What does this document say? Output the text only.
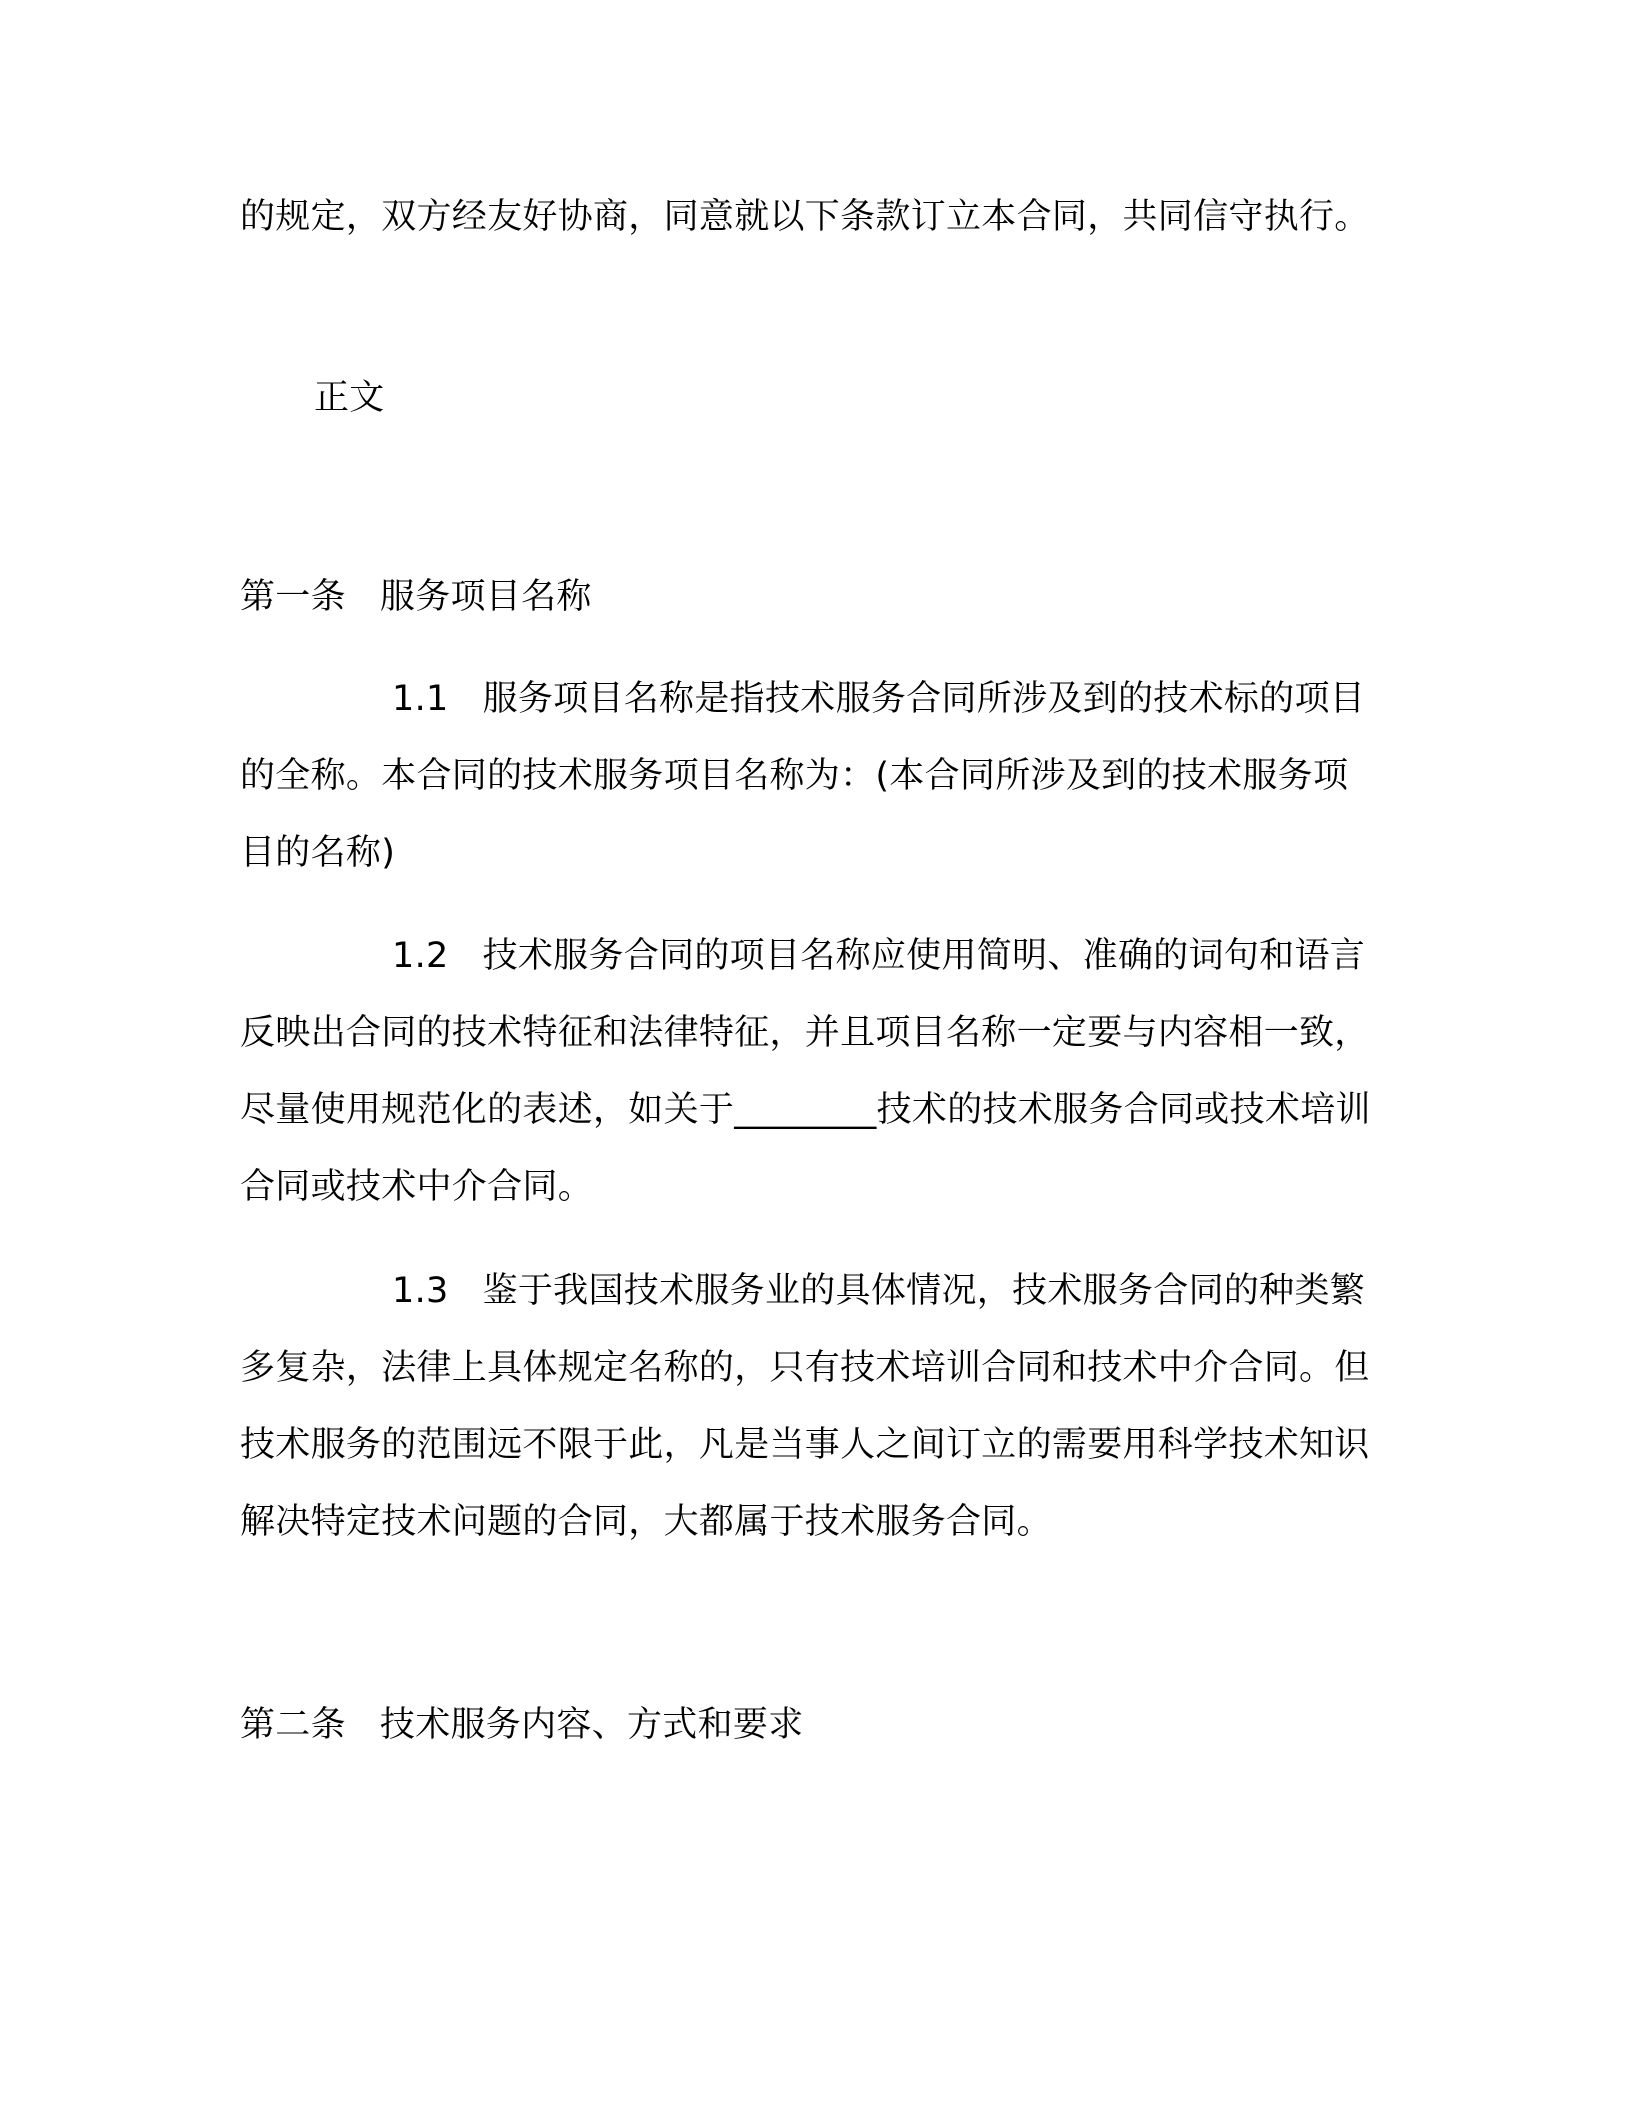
的规定，双方经友好协商，同意就以下条款订立本合同，共同信守执行。

正文

第一条 服务项目名称

1.1 服务项目名称是指技术服务合同所涉及到的技术标的项目的全称。本合同的技术服务项目名称为：(本合同所涉及到的技术服务项目的名称)

1.2 技术服务合同的项目名称应使用简明、准确的词句和语言反映出合同的技术特征和法律特征，并且项目名称一定要与内容相一致，尽量使用规范化的表述，如关于________技术的技术服务合同或技术培训合同或技术中介合同。

1.3 鉴于我国技术服务业的具体情况，技术服务合同的种类繁多复杂，法律上具体规定名称的，只有技术培训合同和技术中介合同。但技术服务的范围远不限于此，凡是当事人之间订立的需要用科学技术知识解决特定技术问题的合同，大都属于技术服务合同。

第二条 技术服务内容、方式和要求
